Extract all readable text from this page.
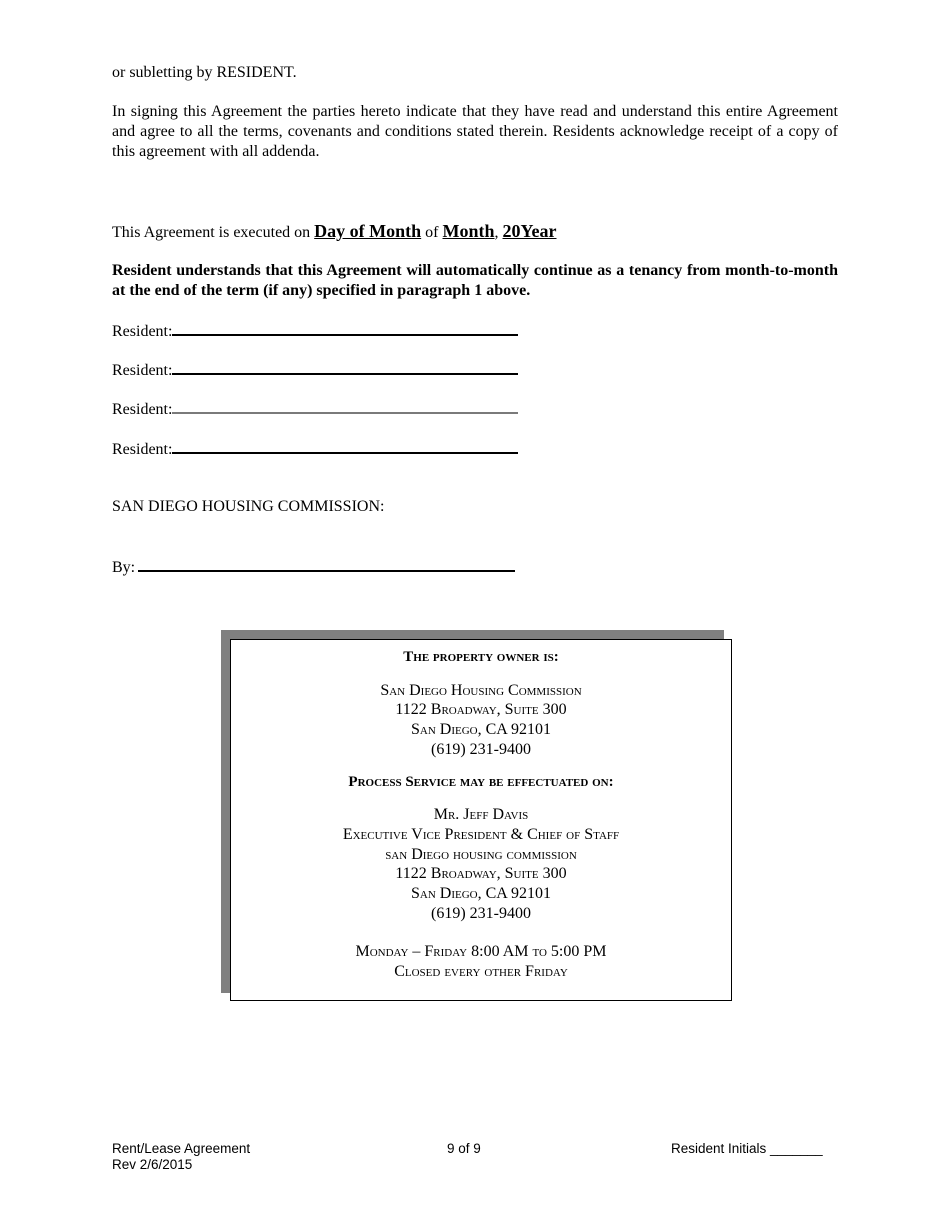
or subletting by RESIDENT.
In signing this Agreement the parties hereto indicate that they have read and understand this entire Agreement and agree to all the terms, covenants and conditions stated therein. Residents acknowledge receipt of a copy of this agreement with all addenda.
This Agreement is executed on Day of Month of Month, 20Year
Resident understands that this Agreement will automatically continue as a tenancy from month-to-month at the end of the term (if any) specified in paragraph 1 above.
Resident:
Resident:
Resident:
Resident:
SAN DIEGO HOUSING COMMISSION:
By:
The property owner is:
San Diego Housing Commission
1122 Broadway, Suite 300
San Diego, CA 92101
(619) 231-9400
Process Service may be effectuated on:
Mr. Jeff Davis
Executive Vice President & Chief of Staff
san Diego housing commission
1122 Broadway, Suite 300
San Diego, CA 92101
(619) 231-9400
Monday – Friday 8:00 AM to 5:00 PM
Closed every other Friday
Rent/Lease Agreement
Rev 2/6/2015
9 of 9	Resident Initials _______
